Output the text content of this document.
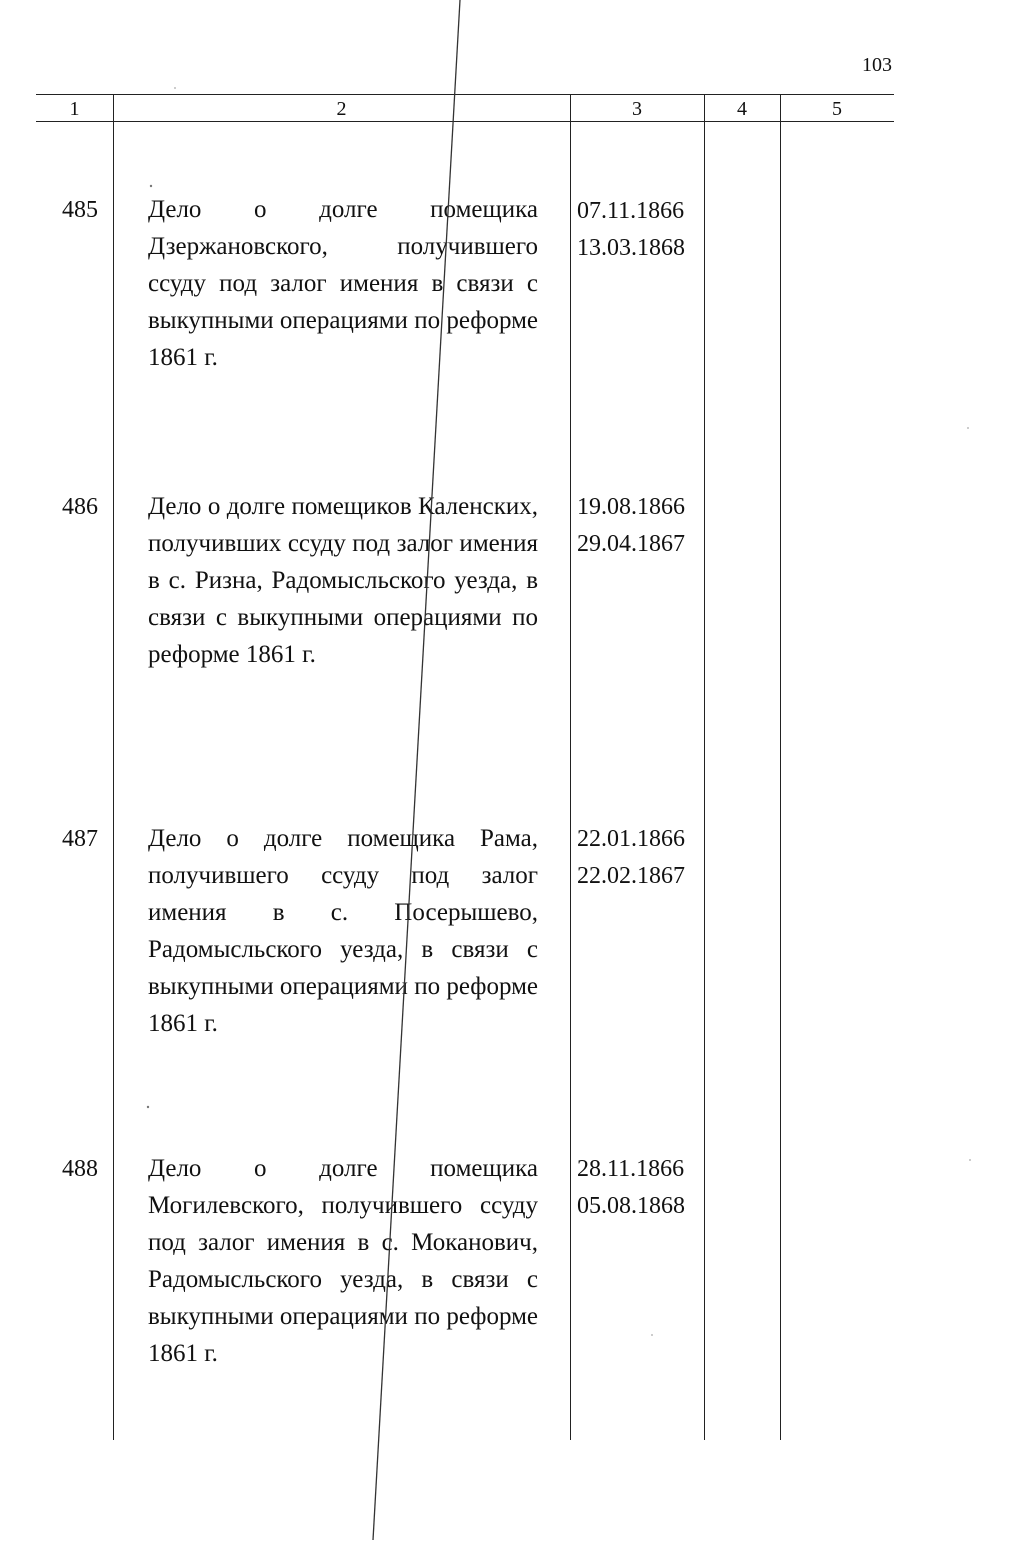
103
1	2	3	4	5
485 Дело о долге помещика Дзержановского, получившего ссуду под залог имения в связи с выкупными операциями по реформе 1861 г.
07.11.1866
13.03.1868
486 Дело о долге помещиков Каленских, получивших ссуду под залог имения в с. Ризна, Радомысльского уезда, в связи с выкупными операциями по реформе 1861 г.
19.08.1866
29.04.1867
487 Дело о долге помещика Рама, получившего ссуду под залог имения в с. Посерышево, Радомысльского уезда, в связи с выкупными операциями по реформе 1861 г.
22.01.1866
22.02.1867
488 Дело о долге помещика Могилевского, получившего ссуду под залог имения в с. Моканович, Радомысльского уезда, в связи с выкупными операциями по реформе 1861 г.
28.11.1866
05.08.1868
